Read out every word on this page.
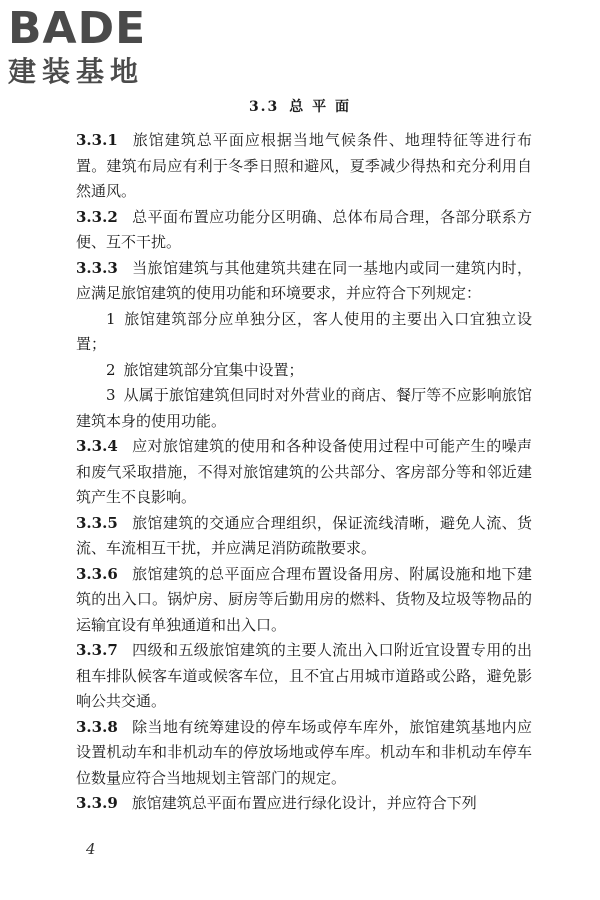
BADE
建装基地
3.3 总 平 面

3.3.1 旅馆建筑总平面应根据当地气候条件、地理特征等进行布置。建筑布局应有利于冬季日照和避风，夏季减少得热和充分利用自然通风。

3.3.2 总平面布置应功能分区明确、总体布局合理，各部分联系方便、互不干扰。

3.3.3 当旅馆建筑与其他建筑共建在同一基地内或同一建筑内时，应满足旅馆建筑的使用功能和环境要求，并应符合下列规定：

1 旅馆建筑部分应单独分区，客人使用的主要出入口宜独立设置；

2 旅馆建筑部分宜集中设置；

3 从属于旅馆建筑但同时对外营业的商店、餐厅等不应影响旅馆建筑本身的使用功能。

3.3.4 应对旅馆建筑的使用和各种设备使用过程中可能产生的噪声和废气采取措施，不得对旅馆建筑的公共部分、客房部分等和邻近建筑产生不良影响。

3.3.5 旅馆建筑的交通应合理组织，保证流线清晰，避免人流、货流、车流相互干扰，并应满足消防疏散要求。

3.3.6 旅馆建筑的总平面应合理布置设备用房、附属设施和地下建筑的出入口。锅炉房、厨房等后勤用房的燃料、货物及垃圾等物品的运输宜设有单独通道和出入口。

3.3.7 四级和五级旅馆建筑的主要人流出入口附近宜设置专用的出租车排队候客车道或候客车位，且不宜占用城市道路或公路，避免影响公共交通。

3.3.8 除当地有统筹建设的停车场或停车库外，旅馆建筑基地内应设置机动车和非机动车的停放场地或停车库。机动车和非机动车停车位数量应符合当地规划主管部门的规定。

3.3.9 旅馆建筑总平面布置应进行绿化设计，并应符合下列

4
